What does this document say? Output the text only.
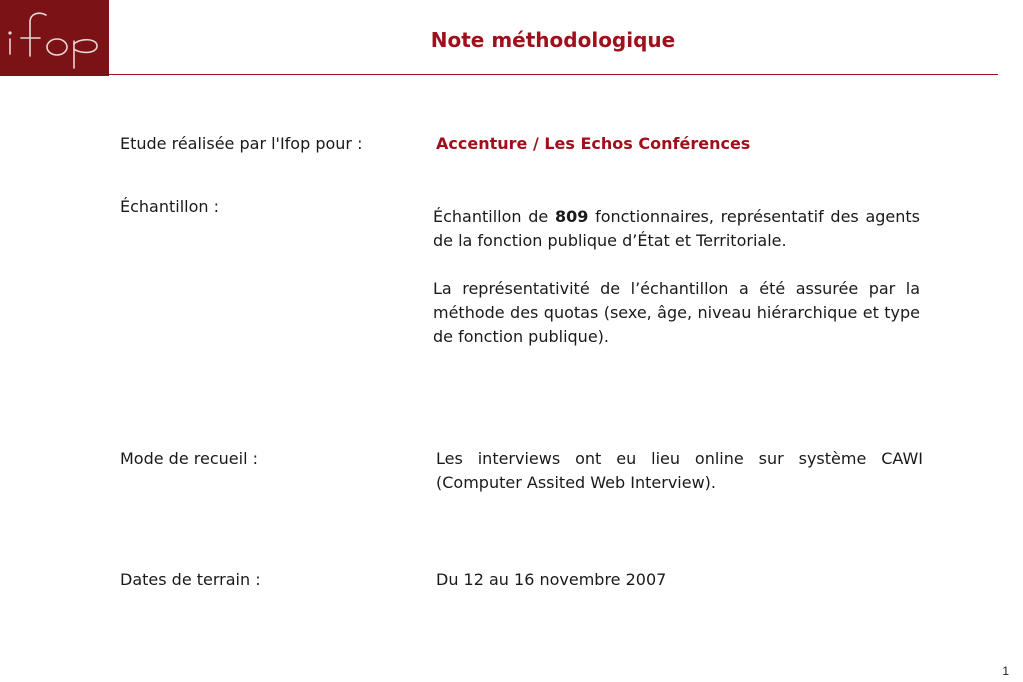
Note méthodologique
Etude réalisée par l'Ifop pour :	Accenture / Les Echos Conférences
Échantillon :

Échantillon de 809 fonctionnaires, représentatif des agents de la fonction publique d’État et Territoriale.

La représentativité de l’échantillon a été assurée par la méthode des quotas (sexe, âge, niveau hiérarchique et type de fonction publique).

Mode de recueil :	Les interviews ont eu lieu online sur système CAWI (Computer Assited Web Interview).
Dates de terrain :	Du 12 au 16 novembre 2007
1
